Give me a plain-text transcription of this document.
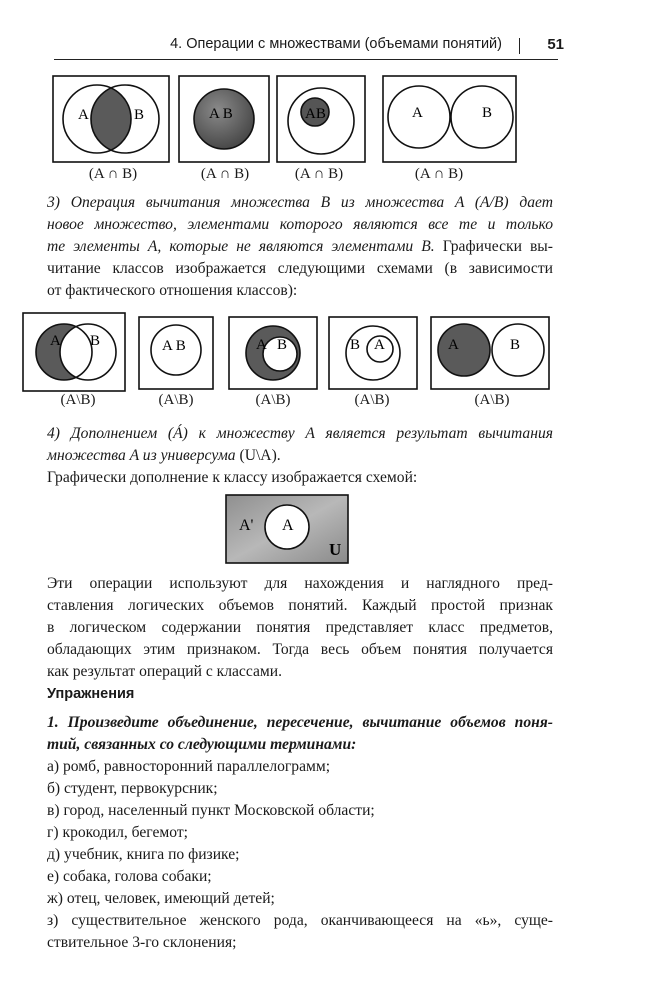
4. Операции с множествами (объемами понятий)	51
A	B	A B	AB	A	B
(A ∩ B)	(A ∩ B)	(A ∩ B)	(A ∩ B)
3) Операция вычитания множества B из множества A (A/B) дает
новое множество, элементами которого являются все те и только
те элементы A, которые не являются элементами B. Графически вы-
читание классов изображается следующими схемами (в зависимости
от фактического отношения классов):
A B	A B	A B	B A	A	B
(A\B)	(A\B)	(A\B)	(A\B)	(A\B)
4) Дополнением (Á) к множеству A является результат вычитания
множества A из универсума (U\A).
Графически дополнение к классу изображается схемой:
A' A
U
Эти операции используют для нахождения и наглядного пред-
ставления логических объемов понятий. Каждый простой признак
в логическом содержании понятия представляет класс предметов,
обладающих этим признаком. Тогда весь объем понятия получается
как результат операций с классами.
Упражнения
1. Произведите объединение, пересечение, вычитание объемов поня-
тий, связанных со следующими терминами:
а) ромб, равносторонний параллелограмм;
б) студент, первокурсник;
в) город, населенный пункт Московской области;
г) крокодил, бегемот;
д) учебник, книга по физике;
е) собака, голова собаки;
ж) отец, человек, имеющий детей;
з) существительное женского рода, оканчивающееся на «ь», суще-
ствительное 3-го склонения;
